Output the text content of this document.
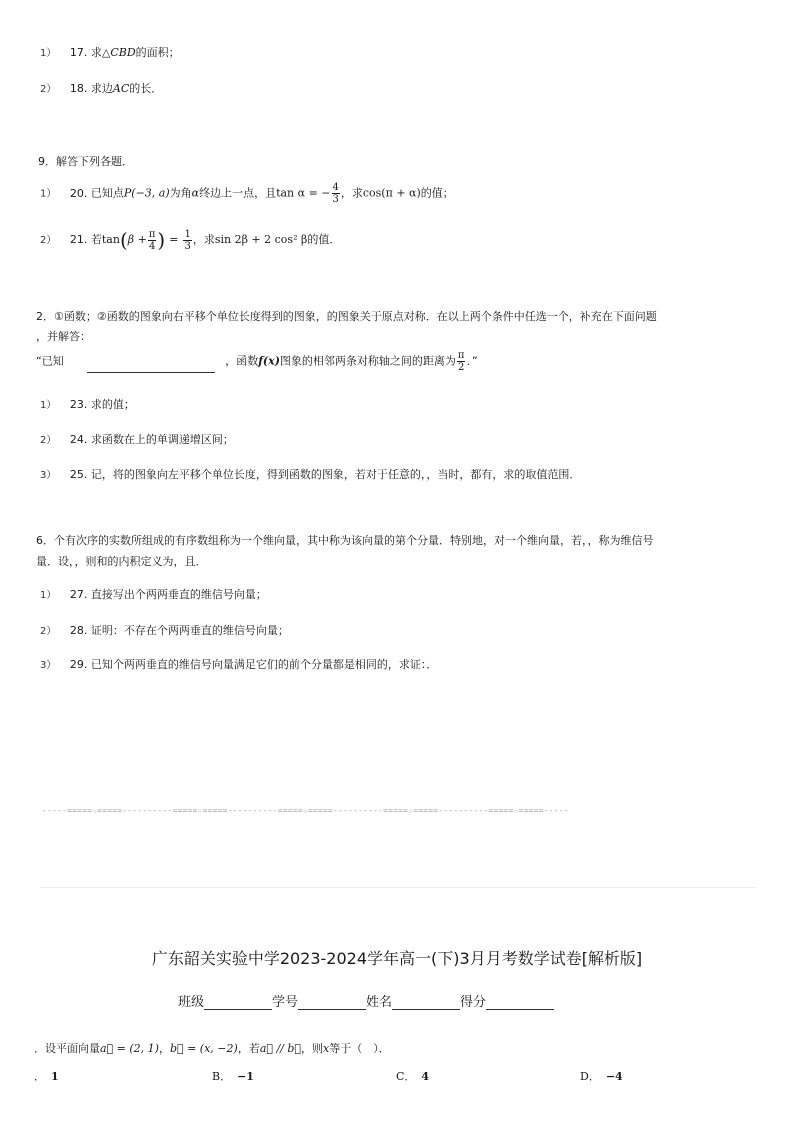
1） 17. 求△CBD的面积；
2） 18. 求边AC的长．
9．解答下列各题．
1） 20. 已知点P(−3, a)为角α终边上一点，且tan α = − $\frac{4}{3}$ ，求cos(π + α)的值；
2） 21. 若$\tan(\beta + \frac{\pi}{4}$ ) = $\frac{1}{3}$ ，求sin 2β + 2 cos² β的值．
2．①函数；②函数的图象向右平移个单位长度得到的图象，的图象关于原点对称．在以上两个条件中任选一个，补充在下面问题
，并解答：
“已知	，函数f(x)图象的相邻两条对称轴之间的距离为 $\frac{\pi}{2}$ ．”
1） 23. 求的值；
2） 24. 求函数在上的单调递增区间；
3） 25. 记，将的图象向左平移个单位长度，得到函数的图象，若对于任意的，，当时，都有，求的取值范围．
6．个有次序的实数所组成的有序数组称为一个维向量，其中称为该向量的第个分量．特别地，对一个维向量，若，，称为维信号
量．设，，则和的内积定义为，且．
1） 27. 直接写出个两两垂直的维信号向量；
2） 28. 证明：不存在个两两垂直的维信号向量；
3） 29. 已知个两两垂直的维信号向量满足它们的前个分量都是相同的，求证：．
-----=====☆=====----------=====☆=====----------=====☆=====----------=====☆=====----------=====☆=====-----
广东韶关实验中学2023-2024学年高一(下)3月月考数学试卷[解析版]
班级	学号	姓名	得分
．设平面向量a⃗ = (2, 1)，b⃗ = (x, −2)，若a⃗ // b⃗，则x等于（　）．
． 1	B． −1	C． 4	D． −4
